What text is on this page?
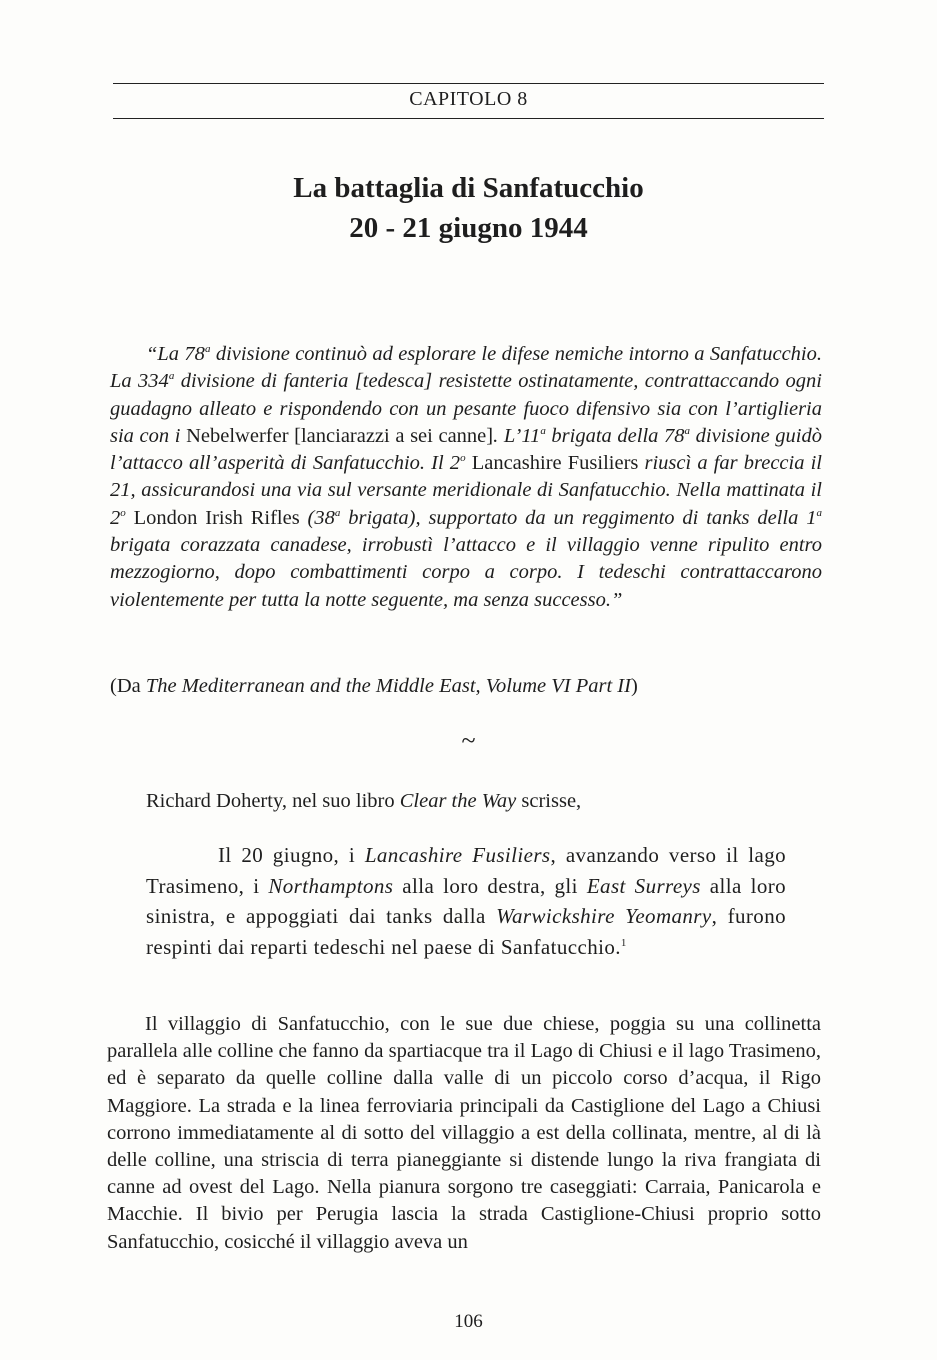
CAPITOLO 8
La battaglia di Sanfatucchio
20 - 21 giugno 1944

“La 78$^a$ divisione continuò ad esplorare le difese nemiche intorno a Sanfatucchio. La 334$^a$ divisione di fanteria [tedesca] resistette ostinatamente, contrattaccando ogni guadagno alleato e rispondendo con un pesante fuoco difensivo sia con l’artiglieria sia con i Nebelwerfer [lanciarazzi a sei canne]. L’11$^a$ brigata della 78$^a$ divisione guidò l’attacco all’asperità di Sanfatucchio. Il 2$^o$ Lancashire Fusiliers riuscì a far breccia il 21, assicurandosi una via sul versante meridionale di Sanfatucchio. Nella mattinata il 2$^o$ London Irish Rifles (38$^a$ brigata), supportato da un reggimento di tanks della 1$^a$ brigata corazzata canadese, irrobustì l’attacco e il villaggio venne ripulito entro mezzogiorno, dopo combattimenti corpo a corpo. I tedeschi contrattaccarono violentemente per tutta la notte seguente, ma senza successo.”

(Da The Mediterranean and the Middle East, Volume VI Part II)
~
Richard Doherty, nel suo libro Clear the Way scrisse,

Il 20 giugno, i Lancashire Fusiliers, avanzando verso il lago Trasimeno, i Northamptons alla loro destra, gli East Surreys alla loro sinistra, e appoggiati dai tanks dalla Warwickshire Yeomanry, furono respinti dai reparti tedeschi nel paese di Sanfatucchio.$^1$

Il villaggio di Sanfatucchio, con le sue due chiese, poggia su una collinetta parallela alle colline che fanno da spartiacque tra il Lago di Chiusi e il lago Trasimeno, ed è separato da quelle colline dalla valle di un piccolo corso d’acqua, il Rigo Maggiore. La strada e la linea ferroviaria principali da Castiglione del Lago a Chiusi corrono immediatamente al di sotto del villaggio a est della collinata, mentre, al di là delle colline, una striscia di terra pianeggiante si distende lungo la riva frangiata di canne ad ovest del Lago. Nella pianura sorgono tre caseggiati: Carraia, Panicarola e Macchie. Il bivio per Perugia lascia la strada Castiglione-Chiusi proprio sotto Sanfatucchio, cosicché il villaggio aveva un

106
